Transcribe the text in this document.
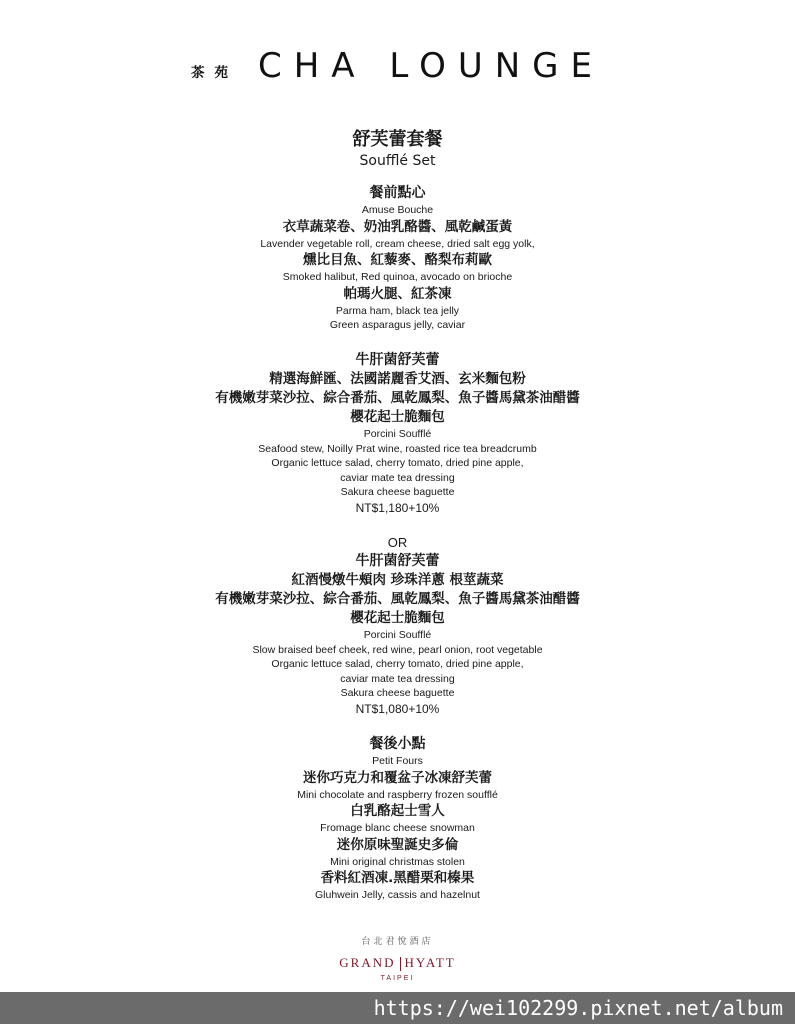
茶苑 CHA LOUNGE
舒芙蕾套餐
Soufflé Set
餐前點心
Amuse Bouche
衣草蔬菜卷、奶油乳酪醬、風乾鹹蛋黃
Lavender vegetable roll, cream cheese, dried salt egg yolk,
燻比目魚、紅藜麥、酪梨布莉歐
Smoked halibut, Red quinoa, avocado on brioche
帕瑪火腿、紅茶凍
Parma ham, black tea jelly
Green asparagus jelly, caviar
牛肝菌舒芙蕾
精選海鮮匯、法國諾麗香艾酒、玄米麵包粉
有機嫩芽菜沙拉、綜合番茄、風乾鳳梨、魚子醬馬黛茶油醋醬
櫻花起士脆麵包
Porcini Soufflé
Seafood stew, Noilly Prat wine, roasted rice tea breadcrumb
Organic lettuce salad, cherry tomato, dried pine apple,
caviar mate tea dressing
Sakura cheese baguette
NT$1,180+10%
OR
牛肝菌舒芙蕾
紅酒慢燉牛頰肉 珍珠洋蔥 根莖蔬菜
有機嫩芽菜沙拉、綜合番茄、風乾鳳梨、魚子醬馬黛茶油醋醬
櫻花起士脆麵包
Porcini Soufflé
Slow braised beef cheek, red wine, pearl onion, root vegetable
Organic lettuce salad, cherry tomato, dried pine apple,
caviar mate tea dressing
Sakura cheese baguette
NT$1,080+10%
餐後小點
Petit Fours
迷你巧克力和覆盆子冰凍舒芙蕾
Mini chocolate and raspberry frozen soufflé
白乳酪起士雪人
Fromage blanc cheese snowman
迷你原味聖誕史多倫
Mini original christmas stolen
香料紅酒凍.黑醋栗和榛果
Gluhwein Jelly, cassis and hazelnut
台北君悅酒店
GRAND HYATT
TAIPEI
https://wei102299.pixnet.net/album
